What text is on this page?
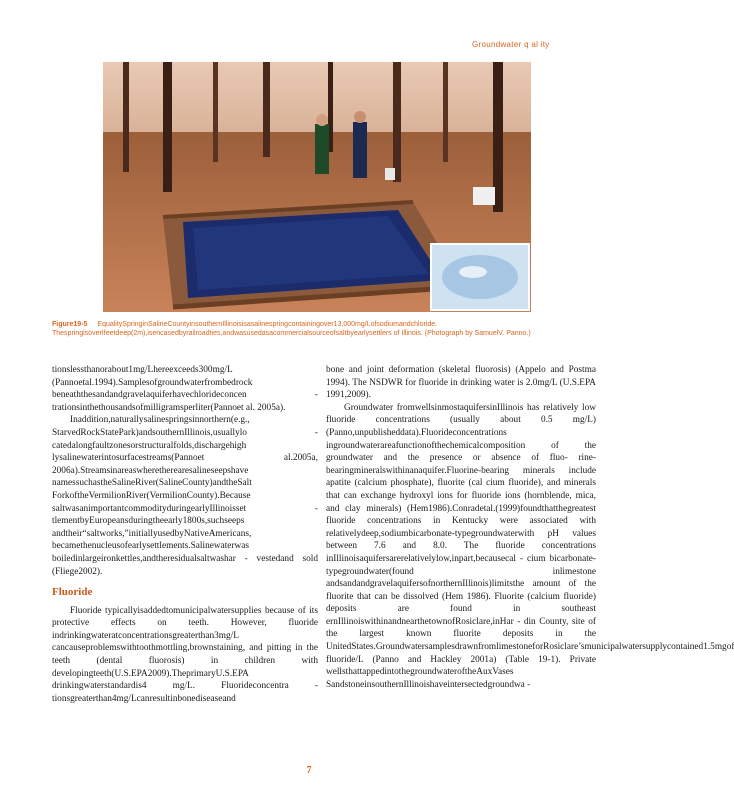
Groundwater q al ity
Figure19-5 EqualitySpringinSalineCountyinsouthernIllinoisisasalinespringcontainingover13,000mg/Lofsodiumandchloride. ThespringisoverIfeetdeep(2m),isencasedbyrailroadties,andwasusedasacommercialsourceofsaltbyearlysettlers of Illinois. (Photograph by SamuelV. Panno.)

tionslessthanorabout1mg/Lhereexceeds300mg/L (Pannoetal.1994).Samplesofgroundwaterfrombedrock beneaththesandandgravelaquiferhavechlorideconcen - trationsinthethousandsofmilligramsperliter(Pannoet al. 2005a).

Inaddition,naturallysalinespringsinnorthern(e.g., StarvedRockStatePark)andsouthernIllinois,usuallylo - catedalongfaultzonesorstructuralfolds,dischargehigh lysalinewaterintosurfacestreams(Pannoet al.2005a, 2006a).Streamsinareaswheretherearesalineseepshave namessuchastheSalineRiver(SalineCounty)andtheSalt ForkoftheVermilionRiver(VermilionCounty).Because saltwasanimportantcommodityduringearlyIllinoisset - tlementbyEuropeansduringtheearly1800s,suchseeps andtheir“saltworks,”initiallyusedbyNativeAmericans, becamethenucleusofearlysettlements.Salinewaterwas boiledinlargeironkettles,andtheresidualsaltwashar - vestedand sold (Fliege2002).

Fluoride

Fluoride typicallyisaddedtomunicipalwatersupplies because of its protective effects on teeth. However, fluoride indrinkingwateratconcentrationsgreaterthan3mg/L cancauseproblemswithtoothmottling,brownstaining, and pitting in the teeth (dental fluorosis) in children with developingteeth(U.S.EPA2009).TheprimaryU.S.EPA drinkingwaterstandardis4 mg/L. Fluorideconcentra - tionsgreaterthan4mg/Lcanresultinbonediseaseand

bone and joint deformation (skeletal fluorosis) (Appelo and Postma 1994). The NSDWR for fluoride in drinking water is 2.0mg/L (U.S.EPA 1991,2009).

Groundwater fromwellsinmostaquifersinIllinois has relatively low fluoride concentrations (usually about 0.5 mg/L)(Panno,unpublisheddata).Fluorideconcentrations ingroundwaterareafunctionofthechemicalcomposition of the groundwater and the presence or absence of fluo- rine-bearingmineralswithinanaquifer.Fluorine-bearing minerals include apatite (calcium phosphate), fluorite (cal cium fluoride), and minerals that can exchange hydroxyl ions for fluoride ions (hornblende, mica, and clay minerals) (Hem1986).Conradetal.(1999)foundthatthegreatest fluoride concentrations in Kentucky were associated with relativelydeep,sodiumbicarbonate-typegroundwaterwith pH values between 7.6 and 8.0. The fluoride concentrations inIllinoisaquifersarerelativelylow,inpart,becausecal - cium bicarbonate-typegroundwater(found inlimestone andsandandgravelaquifersofnorthernIllinois)limitsthe amount of the fluorite that can be dissolved (Hem 1986). Fluorite (calcium fluoride) deposits are found in southeast ernIllinoiswithinandnearthetownofRosiclare,inHar - din County, site of the largest known fluorite deposits in the UnitedStates.GroundwatersamplesdrawnfromlimestoneforRosiclare’smunicipalwatersupplycontained1.5mgof fluoride/L (Panno and Hackley 2001a) (Table 19-1). Private wellsthattappedintothegroundwateroftheAuxVases SandstoneinsouthernIllinoishaveintersectedgroundwa -

7
